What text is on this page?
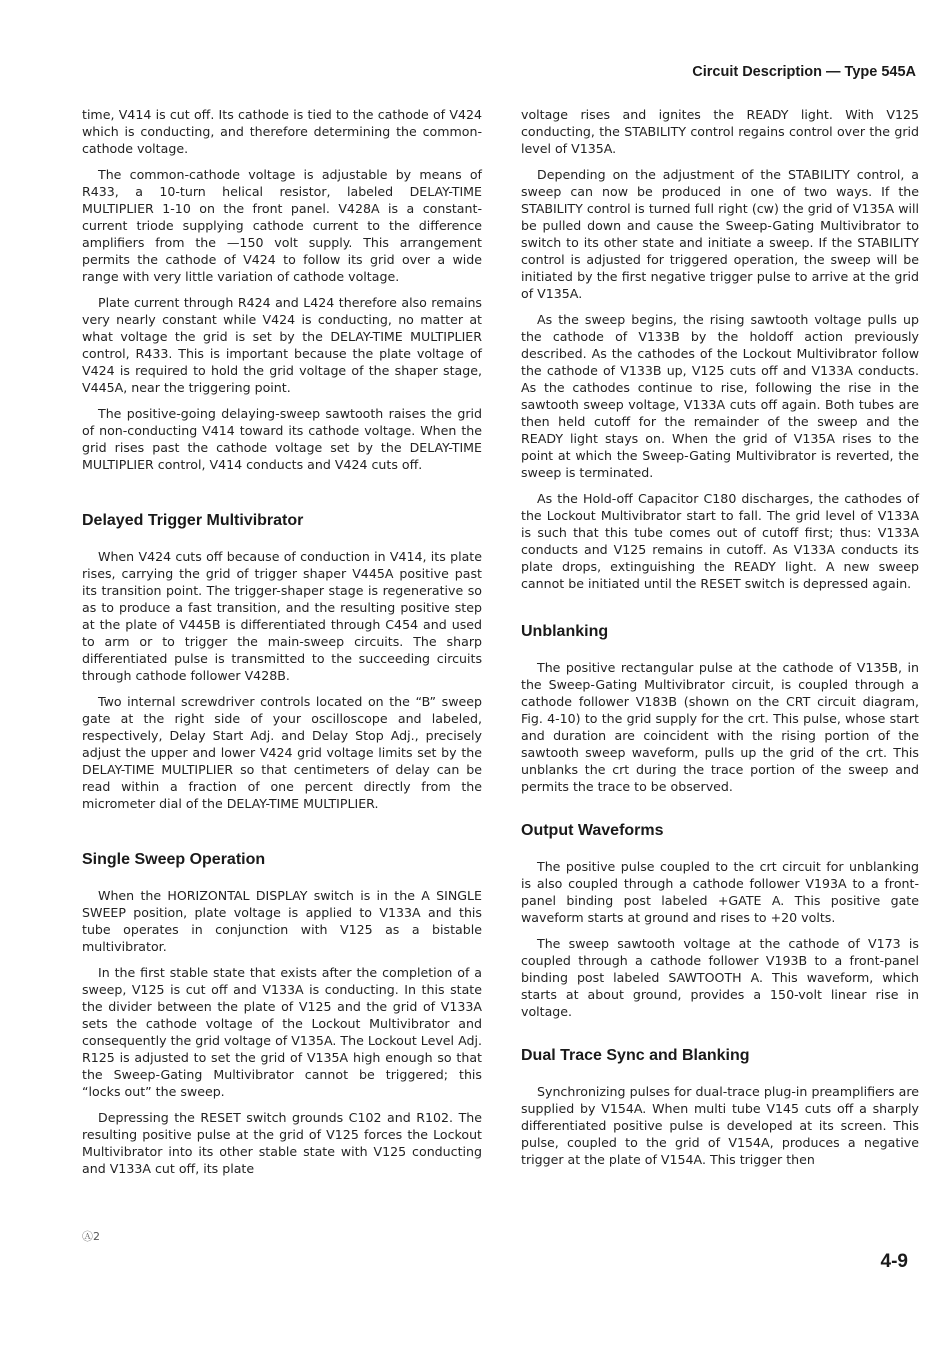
Circuit Description — Type 545A

time, V414 is cut off. Its cathode is tied to the cathode of V424 which is conducting, and therefore determining the common-cathode voltage.

The common-cathode voltage is adjustable by means of R433, a 10-turn helical resistor, labeled DELAY-TIME MULTIPLIER 1-10 on the front panel. V428A is a constant-current triode supplying cathode current to the difference amplifiers from the —150 volt supply. This arrangement permits the cathode of V424 to follow its grid over a wide range with very little variation of cathode voltage.

Plate current through R424 and L424 therefore also remains very nearly constant while V424 is conducting, no matter at what voltage the grid is set by the DELAY-TIME MULTIPLIER control, R433. This is important because the plate voltage of V424 is required to hold the grid voltage of the shaper stage, V445A, near the triggering point.

The positive-going delaying-sweep sawtooth raises the grid of non-conducting V414 toward its cathode voltage. When the grid rises past the cathode voltage set by the DELAY-TIME MULTIPLIER control, V414 conducts and V424 cuts off.

Delayed Trigger Multivibrator

When V424 cuts off because of conduction in V414, its plate rises, carrying the grid of trigger shaper V445A positive past its transition point. The trigger-shaper stage is regenerative so as to produce a fast transition, and the resulting positive step at the plate of V445B is differentiated through C454 and used to arm or to trigger the main-sweep circuits. The sharp differentiated pulse is transmitted to the succeeding circuits through cathode follower V428B.

Two internal screwdriver controls located on the “B” sweep gate at the right side of your oscilloscope and labeled, respectively, Delay Start Adj. and Delay Stop Adj., precisely adjust the upper and lower V424 grid voltage limits set by the DELAY-TIME MULTIPLIER so that centimeters of delay can be read within a fraction of one percent directly from the micrometer dial of the DELAY-TIME MULTIPLIER.

Single Sweep Operation

When the HORIZONTAL DISPLAY switch is in the A SINGLE SWEEP position, plate voltage is applied to V133A and this tube operates in conjunction with V125 as a bistable multivibrator.

In the first stable state that exists after the completion of a sweep, V125 is cut off and V133A is conducting. In this state the divider between the plate of V125 and the grid of V133A sets the cathode voltage of the Lockout Multivibrator and consequently the grid voltage of V135A. The Lockout Level Adj. R125 is adjusted to set the grid of V135A high enough so that the Sweep-Gating Multivibrator cannot be triggered; this “locks out” the sweep.

Depressing the RESET switch grounds C102 and R102. The resulting positive pulse at the grid of V125 forces the Lockout Multivibrator into its other stable state with V125 conducting and V133A cut off, its plate

voltage rises and ignites the READY light. With V125 conducting, the STABILITY control regains control over the grid level of V135A.

Depending on the adjustment of the STABILITY control, a sweep can now be produced in one of two ways. If the STABILITY control is turned full right (cw) the grid of V135A will be pulled down and cause the Sweep-Gating Multivibrator to switch to its other state and initiate a sweep. If the STABILITY control is adjusted for triggered operation, the sweep will be initiated by the first negative trigger pulse to arrive at the grid of V135A.

As the sweep begins, the rising sawtooth voltage pulls up the cathode of V133B by the holdoff action previously described. As the cathodes of the Lockout Multivibrator follow the cathode of V133B up, V125 cuts off and V133A conducts. As the cathodes continue to rise, following the rise in the sawtooth sweep voltage, V133A cuts off again. Both tubes are then held cutoff for the remainder of the sweep and the READY light stays on. When the grid of V135A rises to the point at which the Sweep-Gating Multivibrator is reverted, the sweep is terminated.

As the Hold-off Capacitor C180 discharges, the cathodes of the Lockout Multivibrator start to fall. The grid level of V133A is such that this tube comes out of cutoff first; thus: V133A conducts and V125 remains in cutoff. As V133A conducts its plate drops, extinguishing the READY light. A new sweep cannot be initiated until the RESET switch is depressed again.

Unblanking

The positive rectangular pulse at the cathode of V135B, in the Sweep-Gating Multivibrator circuit, is coupled through a cathode follower V183B (shown on the CRT circuit diagram, Fig. 4-10) to the grid supply for the crt. This pulse, whose start and duration are coincident with the rising portion of the sawtooth sweep waveform, pulls up the grid of the crt. This unblanks the crt during the trace portion of the sweep and permits the trace to be observed.

Output Waveforms

The positive pulse coupled to the crt circuit for unblanking is also coupled through a cathode follower V193A to a front-panel binding post labeled +GATE A. This positive gate waveform starts at ground and rises to +20 volts.

The sweep sawtooth voltage at the cathode of V173 is coupled through a cathode follower V193B to a front-panel binding post labeled SAWTOOTH A. This waveform, which starts at about ground, provides a 150-volt linear rise in voltage.

Dual Trace Sync and Blanking

Synchronizing pulses for dual-trace plug-in preamplifiers are supplied by V154A. When multi tube V145 cuts off a sharply differentiated positive pulse is developed at its screen. This pulse, coupled to the grid of V154A, produces a negative trigger at the plate of V154A. This trigger then

Ⓐ2
4-9
